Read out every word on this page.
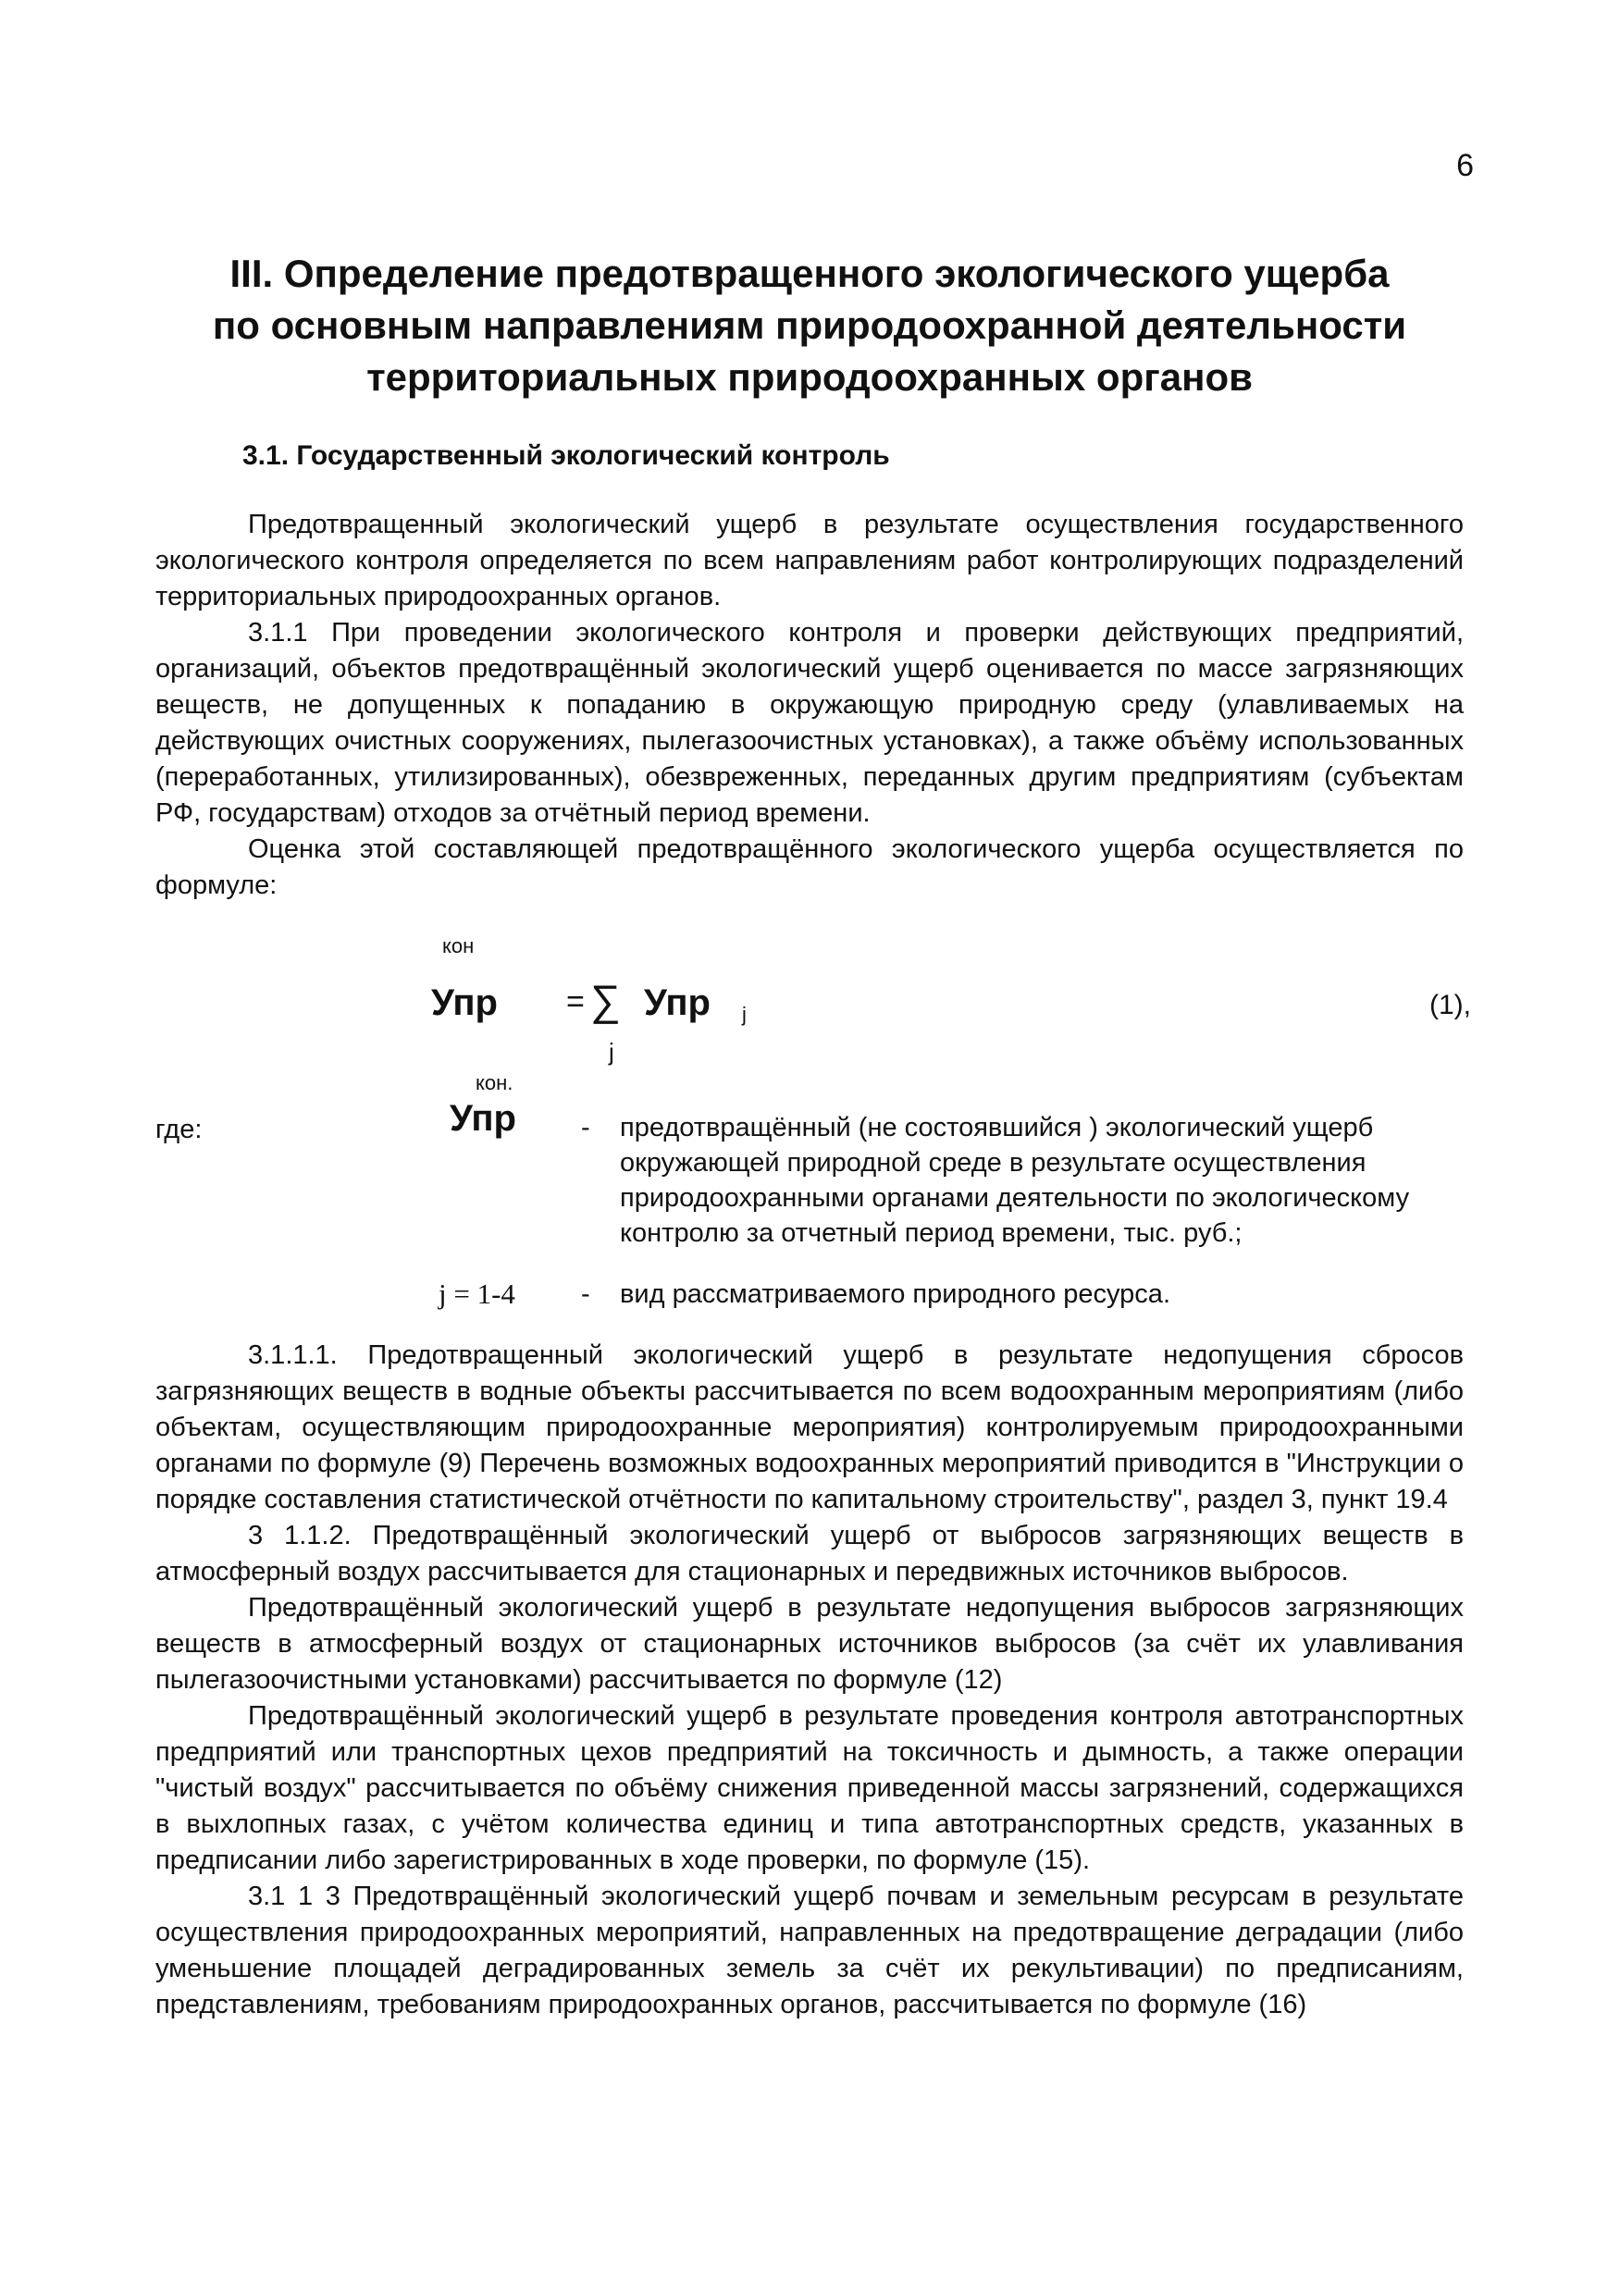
6
III. Определение предотвращенного экологического ущерба
по основным направлениям природоохранной деятельности
территориальных природоохранных органов
3.1. Государственный экологический контроль

Предотвращенный экологический ущерб в результате осуществления государственного экологического контроля определяется по всем направлениям работ контролирующих подразделений территориальных природоохранных органов.

3.1.1 При проведении экологического контроля и проверки действующих предприятий, организаций, объектов предотвращённый экологический ущерб оценивается по массе загрязняющих веществ, не допущенных к попаданию в окружающую природную среду (улавливаемых на действующих очистных сооружениях, пылегазоочистных установках), а также объёму использованных (переработанных, утилизированных), обезвреженных, переданных другим предприятиям (субъектам РФ, государствам) отходов за отчётный период времени.

Оценка этой составляющей предотвращённого экологического ущерба осуществляется по формуле:

кон
Упр = ∑ Упр j
j
(1),
где:
кон.
Упр - предотвращённый (не состоявшийся ) экологический ущерб окружающей природной среде в результате осуществления природоохранными органами деятельности по экологическому контролю за отчетный период времени, тыс. руб.;
j = 1-4 - вид рассматриваемого природного ресурса.

3.1.1.1. Предотвращенный экологический ущерб в результате недопущения сбросов загрязняющих веществ в водные объекты рассчитывается по всем водоохранным мероприятиям (либо объектам, осуществляющим природоохранные мероприятия) контролируемым природоохранными органами по формуле (9) Перечень возможных водоохранных мероприятий приводится в "Инструкции о порядке составления статистической отчётности по капитальному строительству", раздел 3, пункт 19.4

3 1.1.2. Предотвращённый экологический ущерб от выбросов загрязняющих веществ в атмосферный воздух рассчитывается для стационарных и передвижных источников выбросов.

Предотвращённый экологический ущерб в результате недопущения выбросов загрязняющих веществ в атмосферный воздух от стационарных источников выбросов (за счёт их улавливания пылегазоочистными установками) рассчитывается по формуле (12)

Предотвращённый экологический ущерб в результате проведения контроля автотранспортных предприятий или транспортных цехов предприятий на токсичность и дымность, а также операции "чистый воздух" рассчитывается по объёму снижения приведенной массы загрязнений, содержащихся в выхлопных газах, с учётом количества единиц и типа автотранспортных средств, указанных в предписании либо зарегистрированных в ходе проверки, по формуле (15).

3.1 1 3 Предотвращённый экологический ущерб почвам и земельным ресурсам в результате осуществления природоохранных мероприятий, направленных на предотвращение деградации (либо уменьшение площадей деградированных земель за счёт их рекультивации) по предписаниям, представлениям, требованиям природоохранных органов, рассчитывается по формуле (16)
